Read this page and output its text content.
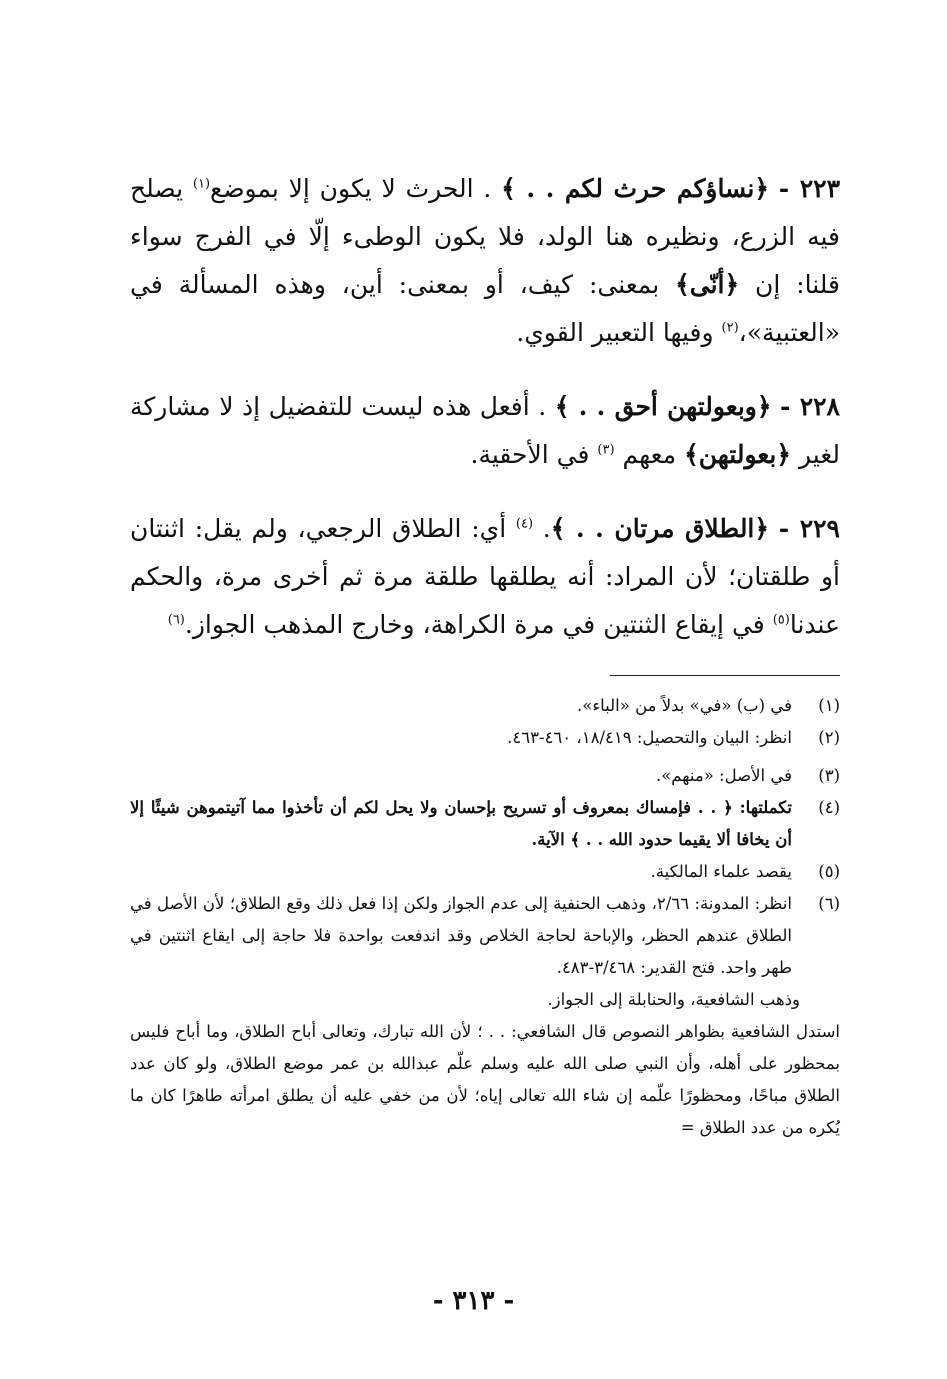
٢٢٣ - ﴿نساؤكم حرث لكم . . ﴾ . الحرث لا يكون إلا بموضع$^{(١)}$ يصلح فيه الزرع، ونظيره هنا الولد، فلا يكون الوطىء إلّا في الفرج سواء قلنا: إن ﴿أنّى﴾ بمعنى: كيف، أو بمعنى: أين، وهذه المسألة في «العتبية»،$^{(٢)}$ وفيها التعبير القوي.

٢٢٨ - ﴿وبعولتهن أحق . . ﴾ . أفعل هذه ليست للتفضيل إذ لا مشاركة لغير ﴿بعولتهن﴾ معهم $^{(٣)}$ في الأحقية.

٢٢٩ - ﴿الطلاق مرتان . . ﴾. $^{(٤)}$ أي: الطلاق الرجعي، ولم يقل: اثنتان أو طلقتان؛ لأن المراد: أنه يطلقها طلقة مرة ثم أخرى مرة، والحكم عندنا$^{(٥)}$ في إيقاع الثنتين في مرة الكراهة، وخارج المذهب الجواز.$^{(٦)}$

(١)
في (ب) «في» بدلاً من «الباء».
(٢)
انظر: البيان والتحصيل: ١٨/٤١٩، ٤٦٠-٤٦٣.
(٣)
في الأصل: «منهم».
(٤)
تكملتها: ﴿ . . فإمساك بمعروف أو تسريح بإحسان ولا يحل لكم أن تأخذوا مما آتيتموهن شيئًا إلا أن يخافا ألا يقيما حدود الله . . ﴾ الآية.
(٥)
يقصد علماء المالكية.
(٦)
انظر: المدونة: ٢/٦٦، وذهب الحنفية إلى عدم الجواز ولكن إذا فعل ذلك وقع الطلاق؛ لأن الأصل في الطلاق عندهم الحظر، والإباحة لحاجة الخلاص وقد اندفعت بواحدة فلا حاجة إلى ايقاع اثنتين في طهر واحد. فتح القدير: ٣/٤٦٨-٤٨٣.

وذهب الشافعية، والحنابلة إلى الجواز.

استدل الشافعية بظواهر النصوص قال الشافعي: . . ؛ لأن الله تبارك، وتعالى أباح الطلاق، وما أباح فليس بمحظور على أهله، وأن النبي صلى الله عليه وسلم علّم عبدالله بن عمر موضع الطلاق، ولو كان عدد الطلاق مباحًا، ومحظورًا علّمه إن شاء الله تعالى إياه؛ لأن من خفي عليه أن يطلق امرأته طاهرًا كان ما يُكره من عدد الطلاق =

- ٣١٣ -
